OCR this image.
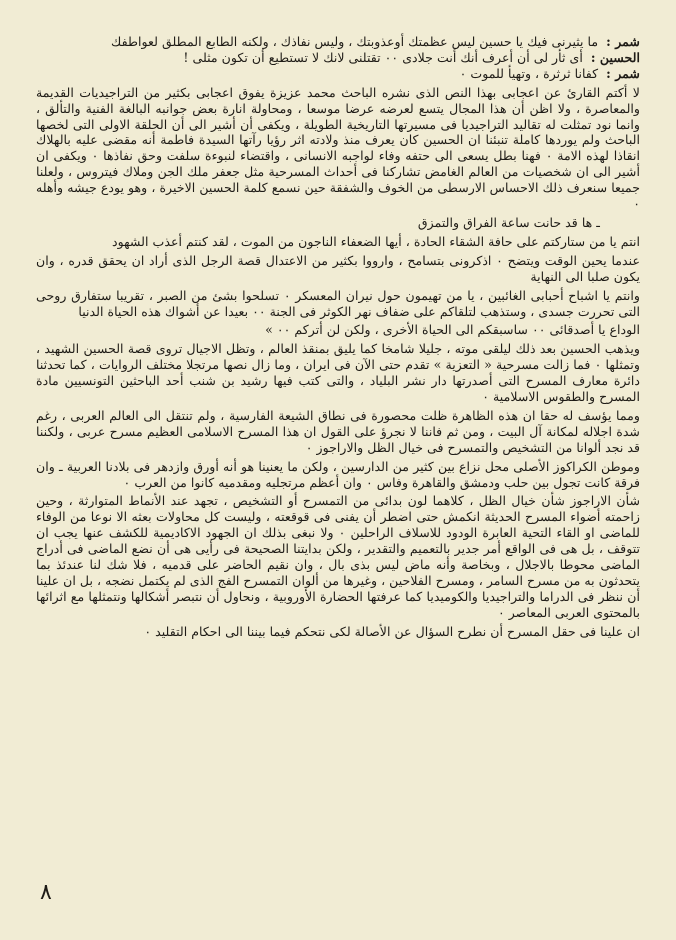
شمر : ما يثيرنى فيك يا حسين ليس عظمتك أوعذوبتك ، وليس نفاذك ، ولكنه الطابع المطلق لعواطفك

الحسين : أى ثأر لى أن أعرف أنك أنت جلادى ٠٠ تقتلنى لانك لا تستطيع أن تكون مثلى !

شمر : كفانا ثرثرة ، وتهيأ للموت ٠

لا أكتم القارئ عن اعجابى بهذا النص الذى نشره الباحث محمد عزيزة يفوق اعجابى بكثير من التراجيديات القديمة والمعاصرة ، ولا اظن أن هذا المجال يتسع لعرضه عرضا موسعا ، ومحاولة انارة بعض جوانبه البالغة الفنية والتألق ، وانما نود تمثلت له تقاليد التراجيديا فى مسيرتها التاريخية الطويلة ، ويكفى أن أشير الى أن الحلقة الاولى التى لخصها الباحث ولم يوردها كاملة تنبئنا ان الحسين كان يعرف منذ ولادته اثر رؤيا رآتها السيدة فاطمة أنه مقضى عليه بالهلاك انقاذا لهذه الامة ٠ فهنا بطل يسعى الى حتفه وفاء لواجبه الانسانى ، واقتضاء لنبوءة سلفت وحق نفاذها ٠ ويكفى ان أشير الى ان شخصيات من العالم الغامض تشاركنا فى أحداث المسرحية مثل جعفر ملك الجن وملاك فيتروس ، ولعلنا جميعا سنعرف ذلك الاحساس الارسطى من الخوف والشفقة حين نسمع كلمة الحسين الاخيرة ، وهو يودع جيشه وأهله ٠

ـ ها قد حانت ساعة الفراق والتمزق

انتم يا من ستاركتم على حافة الشقاء الحادة ، أيها الضعفاء الناجون من الموت ، لقد كنتم أعذب الشهود

عندما يحين الوقت ويتضح ٠ اذكرونى بتسامح ، وارووا بكثير من الاعتدال قصة الرجل الذى أراد ان يحقق قدره ، وان يكون صلبا الى النهاية

وانتم يا اشباح أحبابى الغائبين ، يا من تهيمون حول نيران المعسكر ٠ تسلحوا بشئ من الصبر ، تقريبا ستفارق روحى التى تحررت جسدى ، وستذهب لتلقاكم على ضفاف نهر الكوثر فى الجنة ٠٠ بعيدا عن أشواك هذه الحياة الدنيا

الوداع يا أصدقائى ٠٠ ساسبقكم الى الحياة الأخرى ، ولكن لن أتركم ٠٠ »

ويذهب الحسين بعد ذلك ليلقى موته ، جليلا شامخا كما يليق بمنقذ العالم ، وتظل الاجيال تروى قصة الحسين الشهيد ، وتمثلها ٠ فما زالت مسرحية « التعزية » تقدم حتى الآن فى ايران ، وما زال نصها مرتجلا مختلف الروايات ، كما تحدثنا دائرة معارف المسرح التى أصدرتها دار نشر البلياد ، والتى كتب فيها رشيد بن شنب أحد الباحثين التونسيين مادة المسرح والطقوس الاسلامية ٠

ومما يؤسف له حقا ان هذه الظاهرة ظلت محصورة فى نطاق الشيعة الفارسية ، ولم تنتقل الى العالم العربى ، رغم شدة اجلاله لمكانة آل البيت ، ومن ثم فاننا لا نجرؤ على القول ان هذا المسرح الاسلامى العظيم مسرح عربى ، ولكننا قد نجد ألوانا من التشخيص والتمسرح فى خيال الظل والاراجوز ٠

وموطن الكراكوز الأصلى محل نزاع بين كثير من الدارسين ، ولكن ما يعنينا هو أنه أورق وازدهر فى بلادنا العربية ـ وان فرقة كانت تجول بين حلب ودمشق والقاهرة وفاس ٠ وان أعظم مرتجليه ومقدميه كانوا من العرب ٠

شأن الاراجوز شأن خيال الظل ، كلاهما لون بدائى من التمسرح أو التشخيص ، تجهد عند الأنماط المتوارثة ، وحين زاحمته أضواء المسرح الحديثة انكمش حتى اضطر أن يفنى فى قوقعته ، وليست كل محاولات بعثه الا نوعا من الوفاء للماضى او القاء التحية العابرة الودود للاسلاف الراحلين ٠ ولا نبغى بذلك ان الجهود الاكاديمية للكشف عنها يجب ان تتوقف ، بل هى فى الواقع أمر جدير بالتعميم والتقدير ، ولكن بدايتنا الصحيحة فى رأيى هى أن نضع الماضى فى أدراج الماضى محوطا بالاجلال ، وبخاصة وأنه ماض ليس بذى بال ، وان نقيم الحاضر على قدميه ، فلا شك لنا عندئذ بما يتحدثون به من مسرح السامر ، ومسرح الفلاحين ، وغيرها من ألوان التمسرح الفج الذى لم يكتمل نضجه ، بل ان علينا أن ننظر فى الدراما والتراجيديا والكوميديا كما عرفتها الحضارة الأوروبية ، ونحاول أن نتبصر أشكالها ونتمثلها مع اثرائها بالمحتوى العربى المعاصر ٠

ان علينا فى حقل المسرح أن نطرح السؤال عن الأصالة لكى نتحكم فيما بيننا الى احكام التقليد ٠

٨
